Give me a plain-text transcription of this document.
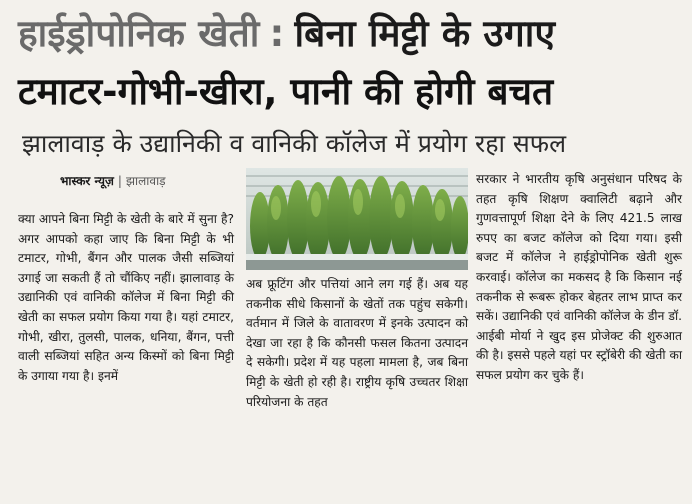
हाईड्रोपोनिक खेती : बिना मिट्टी के उगाए
टमाटर-गोभी-खीरा, पानी की होगी बचत
झालावाड़ के उद्यानिकी व वानिकी कॉलेज में प्रयोग रहा सफल
भास्कर न्यूज़ | झालावाड़

क्या आपने बिना मिट्टी के खेती के बारे में सुना है? अगर आपको कहा जाए कि बिना मिट्टी के भी टमाटर, गोभी, बैंगन और पालक जैसी सब्जियां उगाई जा सकती हैं तो चौंकिए नहीं। झालावाड़ के उद्यानिकी एवं वानिकी कॉलेज में बिना मिट्टी की खेती का सफल प्रयोग किया गया है। यहां टमाटर, गोभी, खीरा, तुलसी, पालक, धनिया, बैंगन, पत्ती वाली सब्जियां सहित अन्य किस्मों को बिना मिट्टी के उगाया गया है। इनमें

अब फ्रूटिंग और पत्तियां आने लग गई हैं। अब यह तकनीक सीधे किसानों के खेतों तक पहुंच सकेगी। वर्तमान में जिले के वातावरण में इनके उत्पादन को देखा जा रहा है कि कौनसी फसल कितना उत्पादन दे सकेगी। प्रदेश में यह पहला मामला है, जब बिना मिट्टी के खेती हो रही है। राष्ट्रीय कृषि उच्चतर शिक्षा परियोजना के तहत

सरकार ने भारतीय कृषि अनुसंधान परिषद के तहत कृषि शिक्षण क्वालिटी बढ़ाने और गुणवत्तापूर्ण शिक्षा देने के लिए 421.5 लाख रुपए का बजट कॉलेज को दिया गया। इसी बजट में कॉलेज ने हाईड्रोपोनिक खेती शुरू करवाई। कॉलेज का मकसद है कि किसान नई तकनीक से रूबरू होकर बेहतर लाभ प्राप्त कर सकें। उद्यानिकी एवं वानिकी कॉलेज के डीन डॉ. आईबी मोर्या ने खुद इस प्रोजेक्ट की शुरुआत की है। इससे पहले यहां पर स्ट्रॉबेरी की खेती का सफल प्रयोग कर चुके हैं।
